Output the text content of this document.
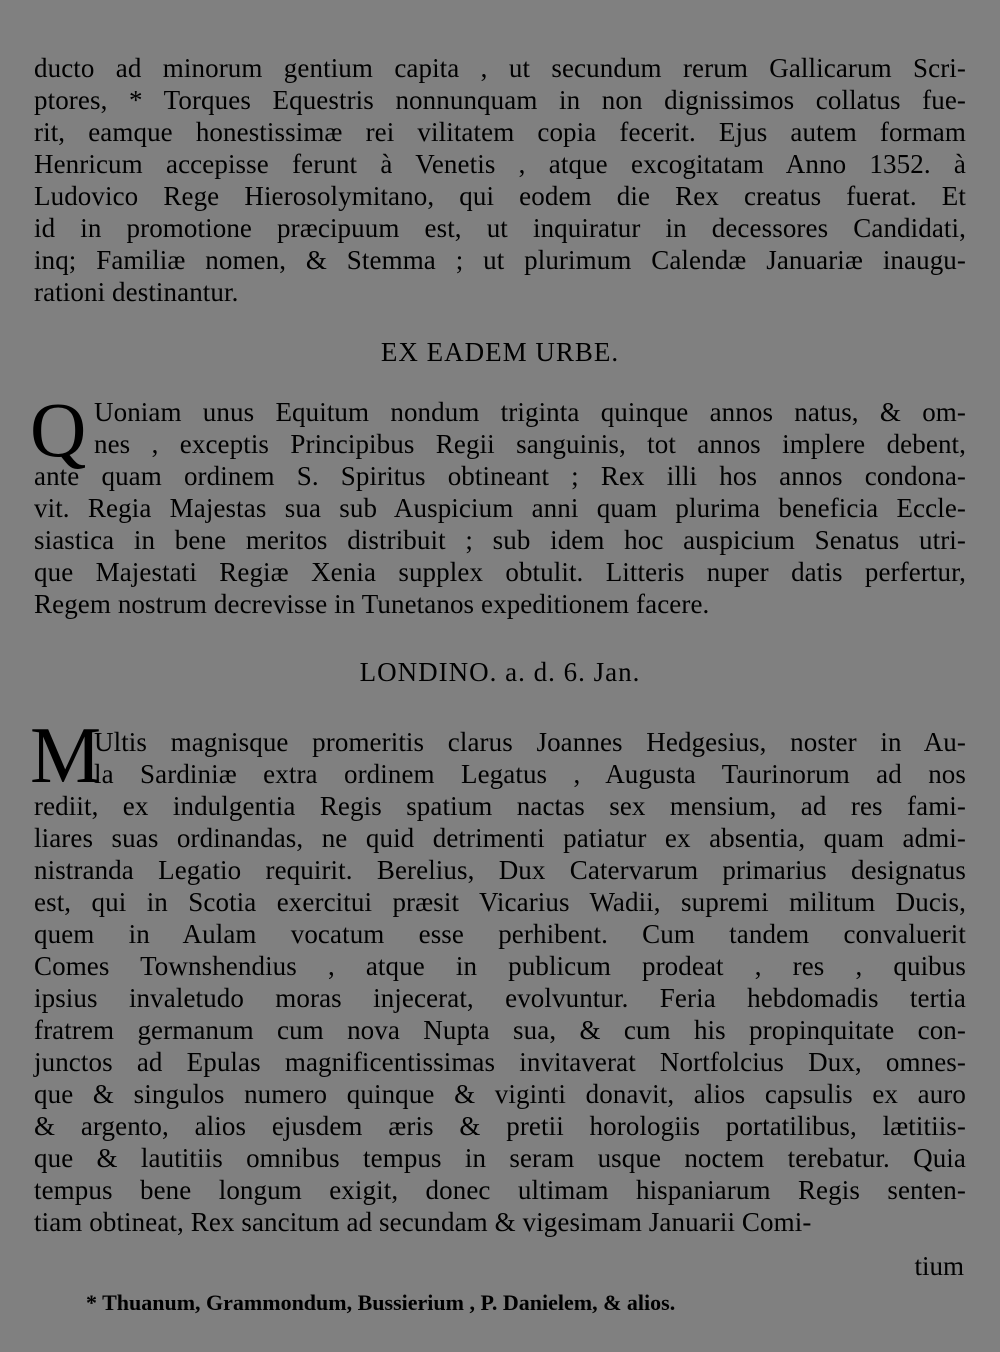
ducto ad minorum gentium capita , ut secundum rerum Gallicarum Scri-
ptores, * Torques Equestris nonnunquam in non dignissimos collatus fue-
rit, eamque honestissimæ rei vilitatem copia fecerit. Ejus autem formam
Henricum accepisse ferunt à Venetis , atque excogitatam Anno 1352. à
Ludovico Rege Hierosolymitano, qui eodem die Rex creatus fuerat. Et
id in promotione præcipuum est, ut inquiratur in decessores Candidati,
inq; Familiæ nomen, & Stemma ; ut plurimum Calendæ Januariæ inaugu-
rationi destinantur.
EX EADEM URBE.
Q Uoniam unus Equitum nondum triginta quinque annos natus, & om-
nes , exceptis Principibus Regii sanguinis, tot annos implere debent,
ante quam ordinem S. Spiritus obtineant ; Rex illi hos annos condona-
vit. Regia Majestas sua sub Auspicium anni quam plurima beneficia Eccle-
siastica in bene meritos distribuit ; sub idem hoc auspicium Senatus utri-
que Majestati Regiæ Xenia supplex obtulit. Litteris nuper datis perfertur,
Regem nostrum decrevisse in Tunetanos expeditionem facere.
LONDINO. a. d. 6. Jan.
M
Ultis magnisque promeritis clarus Joannes Hedgesius, noster in Au-
la Sardiniæ extra ordinem Legatus , Augusta Taurinorum ad nos
rediit, ex indulgentia Regis spatium nactas sex mensium, ad res fami-
liares suas ordinandas, ne quid detrimenti patiatur ex absentia, quam admi-
nistranda Legatio requirit. Berelius, Dux Catervarum primarius designatus
est, qui in Scotia exercitui præsit Vicarius Wadii, supremi militum Ducis,
quem in Aulam vocatum esse perhibent. Cum tandem convaluerit
Comes Townshendius , atque in publicum prodeat , res , quibus
ipsius invaletudo moras injecerat, evolvuntur. Feria hebdomadis tertia
fratrem germanum cum nova Nupta sua, & cum his propinquitate con-
junctos ad Epulas magnificentissimas invitaverat Nortfolcius Dux, omnes-
que & singulos numero quinque & viginti donavit, alios capsulis ex auro
& argento, alios ejusdem æris & pretii horologiis portatilibus, lætitiis-
que & lautitiis omnibus tempus in seram usque noctem terebatur. Quia
tempus bene longum exigit, donec ultimam hispaniarum Regis senten-
tiam obtineat, Rex sancitum ad secundam & vigesimam Januarii Comi-
tium
* Thuanum, Grammondum, Bussierium , P. Danielem, & alios.
